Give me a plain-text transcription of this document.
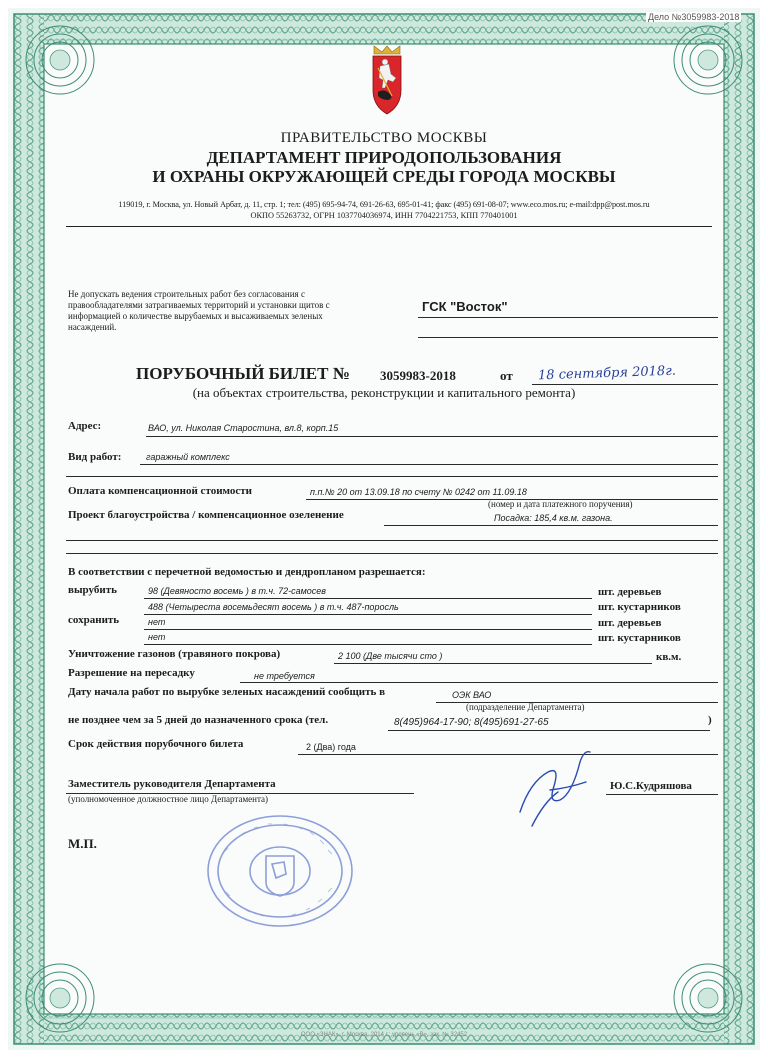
Дело №3059983-2018
ПРАВИТЕЛЬСТВО МОСКВЫ
ДЕПАРТАМЕНТ ПРИРОДОПОЛЬЗОВАНИЯ
И ОХРАНЫ ОКРУЖАЮЩЕЙ СРЕДЫ ГОРОДА МОСКВЫ
119019, г. Москва, ул. Новый Арбат, д. 11, стр. 1; тел: (495) 695-94-74, 691-26-63, 695-01-41; факс (495) 691-08-07; www.eco.mos.ru; e-mail:dpp@post.mos.ru
ОКПО 55263732, ОГРН 1037704036974, ИНН 7704221753, КПП 770401001
Не допускать ведения строительных работ без согласования с
правообладателями затрагиваемых территорий и установки щитов с
информацией о количестве вырубаемых и высаживаемых зеленых
насаждений.
ГСК "Восток"
ПОРУБОЧНЫЙ БИЛЕТ № 3059983-2018	от 18 сентября 2018г.
(на объектах строительства, реконструкции и капитального ремонта)
Адрес:	ВАО, ул. Николая Старостина, вл.8, корп.15
Вид работ:	гаражный комплекс
Оплата компенсационной стоимости	п.п.№ 20 от 13.09.18 по счету № 0242 от 11.09.18
(номер и дата платежного поручения)
Проект благоустройства / компенсационное озеленение	Посадка: 185,4 кв.м. газона.
В соответствии с перечетной ведомостью и дендропланом разрешается:
вырубить	98 (Девяносто восемь ) в т.ч. 72-самосев	шт. деревьев
488 (Четыреста восемьдесят восемь ) в т.ч. 487-поросль	шт. кустарников
сохранить	нет	шт. деревьев
нет	шт. кустарников
Уничтожение газонов (травяного покрова)	2 100 (Две тысячи сто )	кв.м.
Разрешение на пересадку	не требуется
Дату начала работ по вырубке зеленых насаждений сообщить в	ОЭК ВАО
(подразделение Департамента)
не позднее чем за 5 дней до назначенного срока (тел.	8(495)964-17-90; 8(495)691-27-65	)
Срок действия порубочного билета	2 (Два) года
Заместитель руководителя Департамента
(уполномоченное должностное лицо Департамента)
Ю.С.Кудряшова
М.П.
ООО «ЗНАК», г. Москва, 2014 г.; уровень «В», зак. № 32452
